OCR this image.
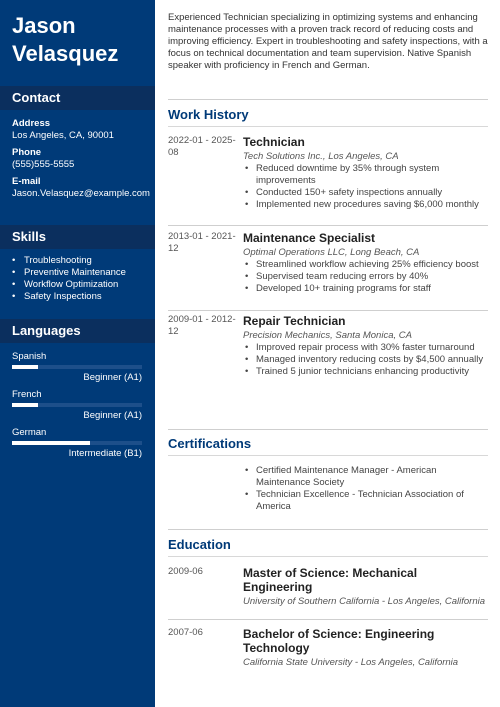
Jason Velasquez
Contact
Address
Los Angeles, CA, 90001
Phone
(555)555-5555
E-mail
Jason.Velasquez@example.com
Skills
• Troubleshooting
• Preventive Maintenance
• Workflow Optimization
• Safety Inspections
Languages
Spanish
Beginner (A1)
French
Beginner (A1)
German
Intermediate (B1)
Experienced Technician specializing in optimizing systems and enhancing maintenance processes with a proven track record of reducing costs and improving efficiency. Expert in troubleshooting and safety inspections, with a focus on technical documentation and team supervision. Native Spanish speaker with proficiency in French and German.
Work History
2022-01 - 2025-08
Technician
Tech Solutions Inc., Los Angeles, CA
• Reduced downtime by 35% through system improvements
• Conducted 150+ safety inspections annually
• Implemented new procedures saving $6,000 monthly
2013-01 - 2021-12
Maintenance Specialist
Optimal Operations LLC, Long Beach, CA
• Streamlined workflow achieving 25% efficiency boost
• Supervised team reducing errors by 40%
• Developed 10+ training programs for staff
2009-01 - 2012-12
Repair Technician
Precision Mechanics, Santa Monica, CA
• Improved repair process with 30% faster turnaround
• Managed inventory reducing costs by $4,500 annually
• Trained 5 junior technicians enhancing productivity
Certifications
• Certified Maintenance Manager - American Maintenance Society
• Technician Excellence - Technician Association of America
Education
2009-06	Master of Science: Mechanical Engineering
University of Southern California - Los Angeles, California
2007-06	Bachelor of Science: Engineering Technology
California State University - Los Angeles, California
